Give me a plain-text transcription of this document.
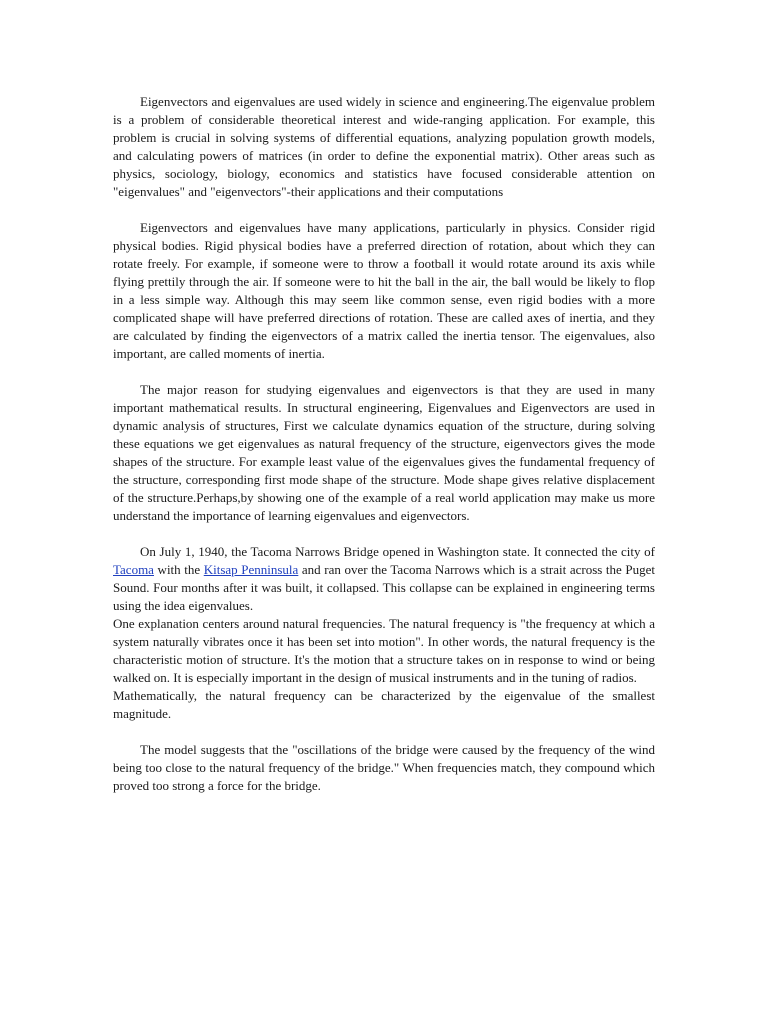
Eigenvectors and eigenvalues are used widely in science and engineering.The eigenvalue problem is a problem of considerable theoretical interest and wide-ranging application. For example, this problem is crucial in solving systems of differential equations, analyzing population growth models, and calculating powers of matrices (in order to define the exponential matrix). Other areas such as physics, sociology, biology, economics and statistics have focused considerable attention on "eigenvalues" and "eigenvectors"-their applications and their computations

Eigenvectors and eigenvalues have many applications, particularly in physics. Consider rigid physical bodies. Rigid physical bodies have a preferred direction of rotation, about which they can rotate freely. For example, if someone were to throw a football it would rotate around its axis while flying prettily through the air. If someone were to hit the ball in the air, the ball would be likely to flop in a less simple way. Although this may seem like common sense, even rigid bodies with a more complicated shape will have preferred directions of rotation. These are called axes of inertia, and they are calculated by finding the eigenvectors of a matrix called the inertia tensor. The eigenvalues, also important, are called moments of inertia.

The major reason for studying eigenvalues and eigenvectors is that they are used in many important mathematical results. In structural engineering, Eigenvalues and Eigenvectors are used in dynamic analysis of structures, First we calculate dynamics equation of the structure, during solving these equations we get eigenvalues as natural frequency of the structure, eigenvectors gives the mode shapes of the structure. For example least value of the eigenvalues gives the fundamental frequency of the structure, corresponding first mode shape of the structure. Mode shape gives relative displacement of the structure.Perhaps,by showing one of the example of a real world application may make us more understand the importance of learning eigenvalues and eigenvectors.

On July 1, 1940, the Tacoma Narrows Bridge opened in Washington state. It connected the city of Tacoma with the Kitsap Penninsula and ran over the Tacoma Narrows which is a strait across the Puget Sound. Four months after it was built, it collapsed. This collapse can be explained in engineering terms using the idea eigenvalues.

One explanation centers around natural frequencies. The natural frequency is "the frequency at which a system naturally vibrates once it has been set into motion". In other words, the natural frequency is the characteristic motion of structure. It's the motion that a structure takes on in response to wind or being walked on. It is especially important in the design of musical instruments and in the tuning of radios.

Mathematically, the natural frequency can be characterized by the eigenvalue of the smallest magnitude.

The model suggests that the "oscillations of the bridge were caused by the frequency of the wind being too close to the natural frequency of the bridge." When frequencies match, they compound which proved too strong a force for the bridge.
